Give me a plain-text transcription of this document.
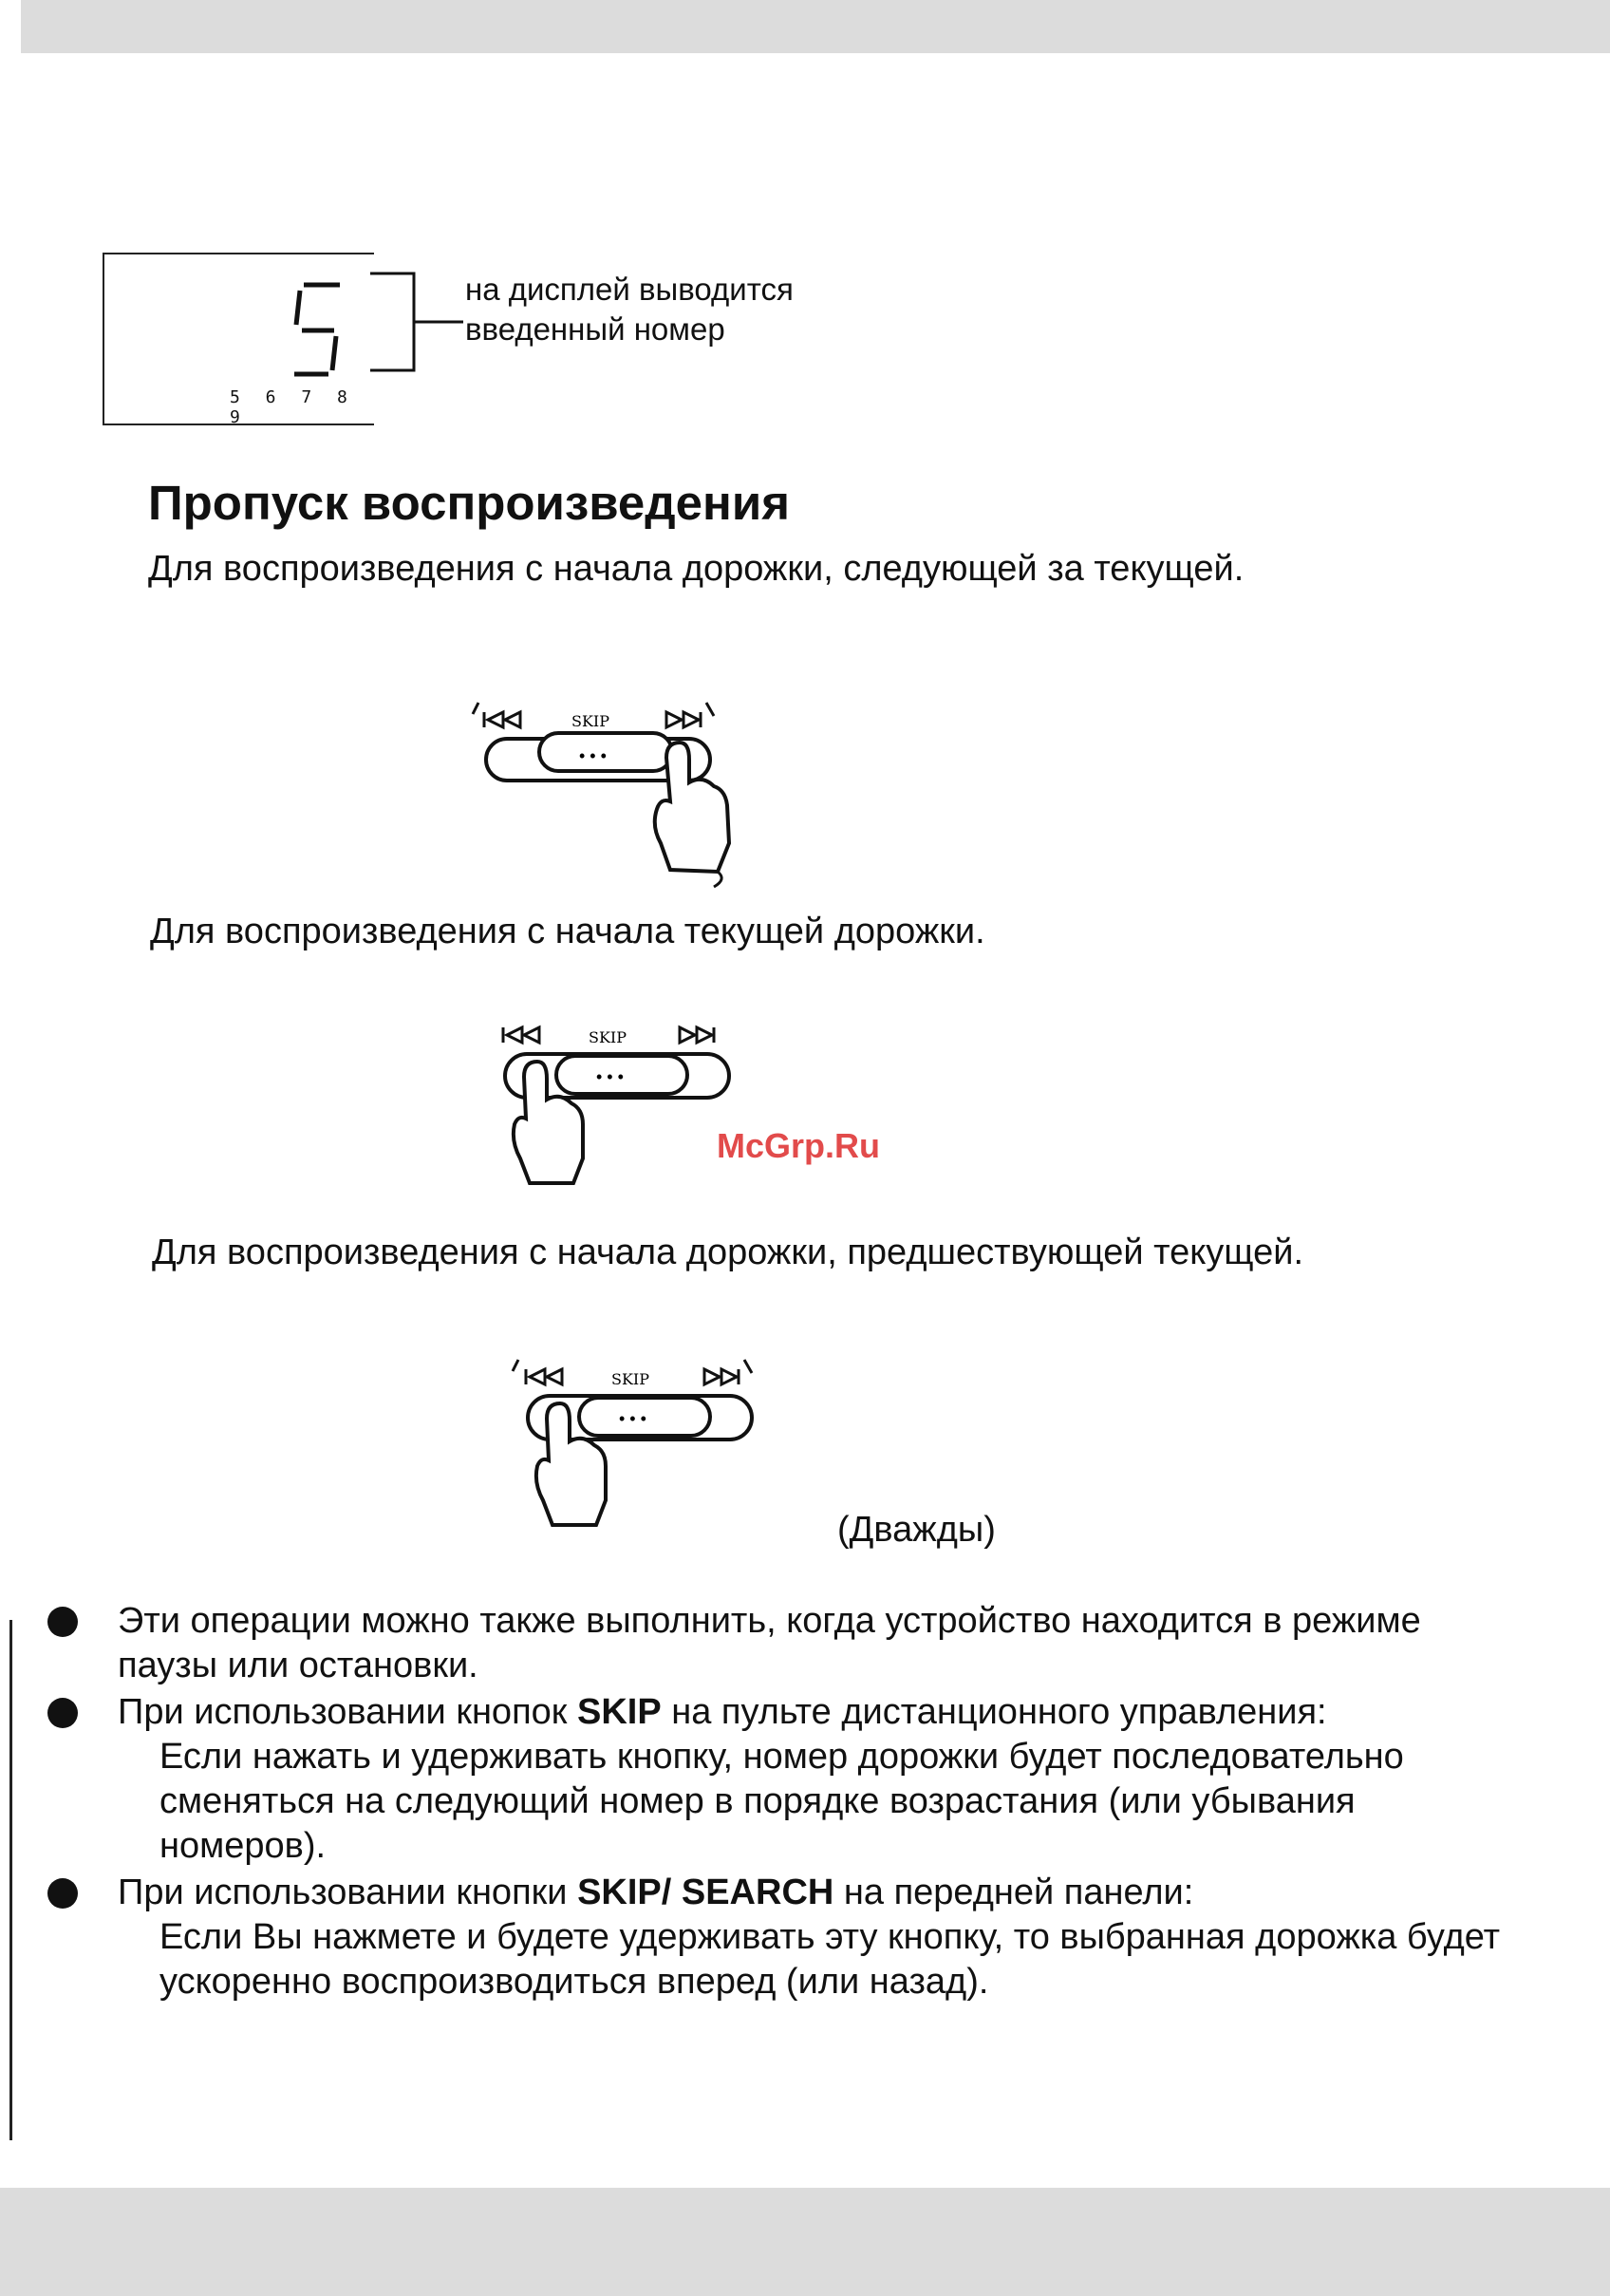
5 6 7 8 9
на дисплей выводится
введенный номер
Пропуск воспроизведения

Для воспроизведения с начала дорожки, следующей за текущей.

SKIP
• • •

Для воспроизведения с начала текущей дорожки.

SKIP
• • •
McGrp.Ru

Для воспроизведения с начала дорожки, предшествующей текущей.

SKIP
• • •
(Дважды)
Эти операции можно также выполнить, когда устройство находится в режиме паузы или остановки.
При использовании кнопок SKIP на пульте дистанционного управления:
Если нажать и удерживать кнопку, номер дорожки будет последовательно сменяться на следующий номер в порядке возрастания (или убывания номеров).
При использовании кнопки SKIP/ SEARCH на передней панели:
Если Вы нажмете и будете удерживать эту кнопку, то выбранная дорожка будет ускоренно воспроизводиться вперед (или назад).
